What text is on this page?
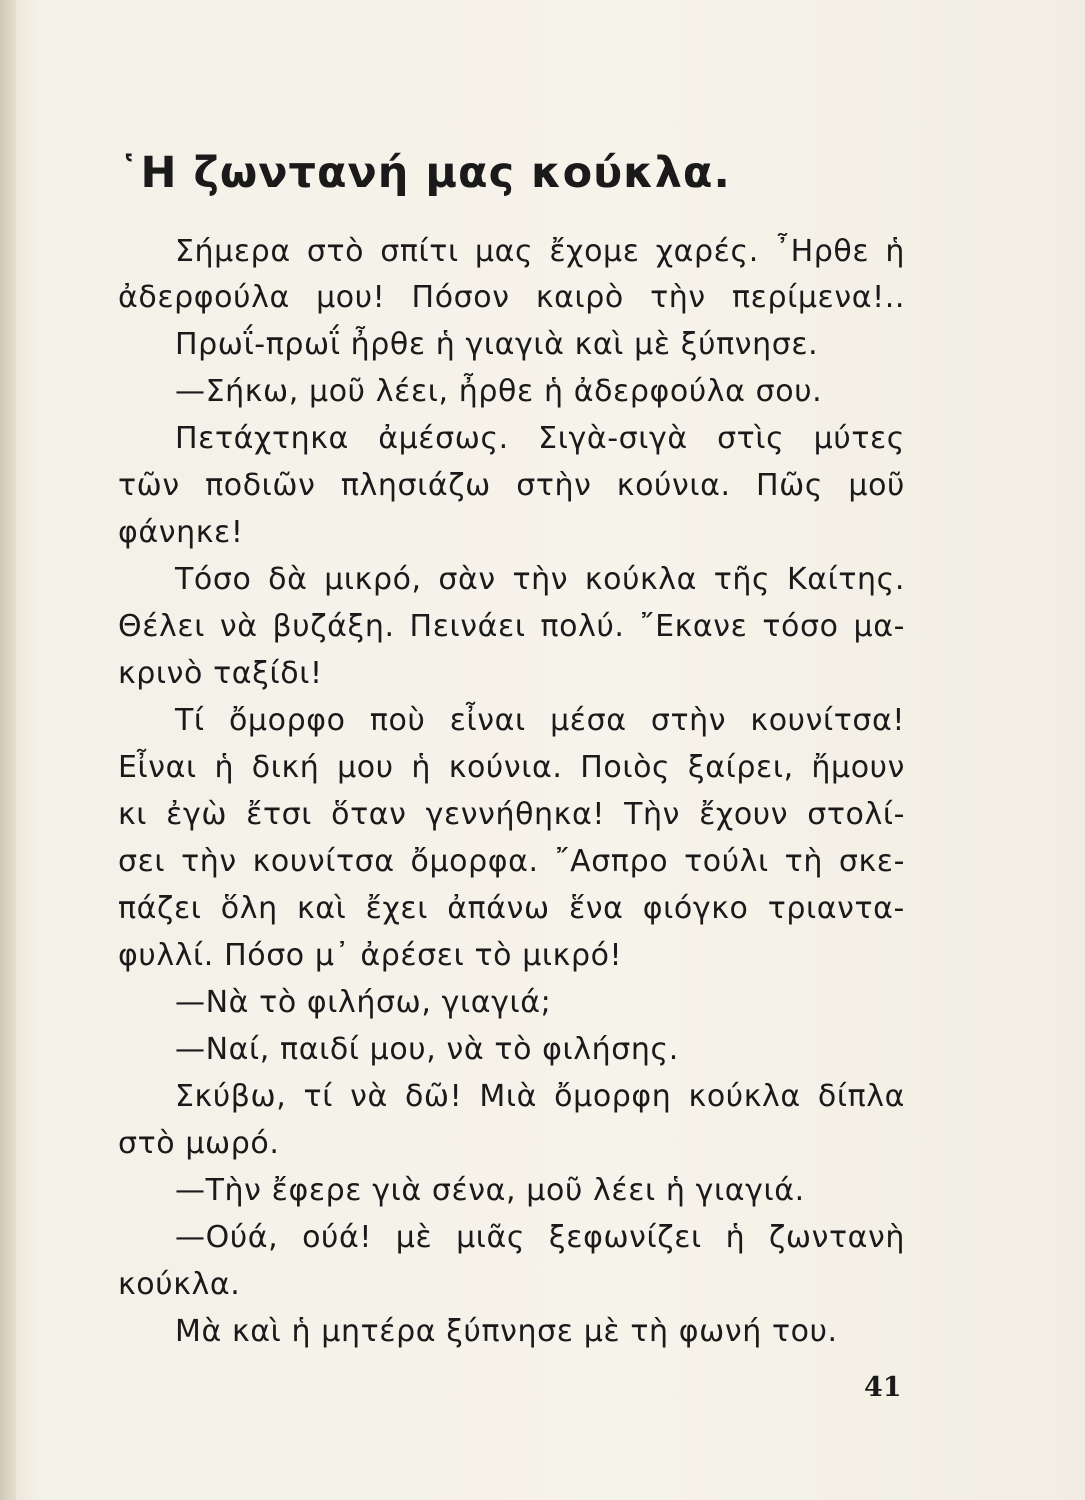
῾Η ζωντανή μας κούκλα.
Σήμερα στὸ σπίτι μας ἔχομε χαρές. ῏Ηρθε ἡ
ἀδερφούλα μου! Πόσον καιρὸ τὴν περίμενα!..
Πρωΐ-πρωΐ ἦρθε ἡ γιαγιὰ καὶ μὲ ξύπνησε.
—Σήκω, μοῦ λέει, ἦρθε ἡ ἀδερφούλα σου.
Πετάχτηκα ἀμέσως. Σιγὰ-σιγὰ στὶς μύτες
τῶν ποδιῶν πλησιάζω στὴν κούνια. Πῶς μοῦ
φάνηκε!
Τόσο δὰ μικρό, σὰν τὴν κούκλα τῆς Καίτης.
Θέλει νὰ βυζάξη. Πεινάει πολύ. ῎Εκανε τόσο μα-
κρινὸ ταξίδι!
Τί ὄμορφο ποὺ εἶναι μέσα στὴν κουνίτσα!
Εἶναι ἡ δική μου ἡ κούνια. Ποιὸς ξαίρει, ἤμουν
κι ἐγὼ ἔτσι ὅταν γεννήθηκα! Τὴν ἔχουν στολί-
σει τὴν κουνίτσα ὄμορφα. ῎Ασπρο τούλι τὴ σκε-
πάζει ὅλη καὶ ἔχει ἀπάνω ἕνα φιόγκο τριαντα-
φυλλί. Πόσο μ᾽ ἀρέσει τὸ μικρό!
—Νὰ τὸ φιλήσω, γιαγιά;
—Ναί, παιδί μου, νὰ τὸ φιλήσης.
Σκύβω, τί νὰ δῶ! Μιὰ ὄμορφη κούκλα δίπλα
στὸ μωρό.
—Τὴν ἔφερε γιὰ σένα, μοῦ λέει ἡ γιαγιά.
—Ούά, ούά! μὲ μιᾶς ξεφωνίζει ἡ ζωντανὴ
κούκλα.
Μὰ καὶ ἡ μητέρα ξύπνησε μὲ τὴ φωνή του.
41
